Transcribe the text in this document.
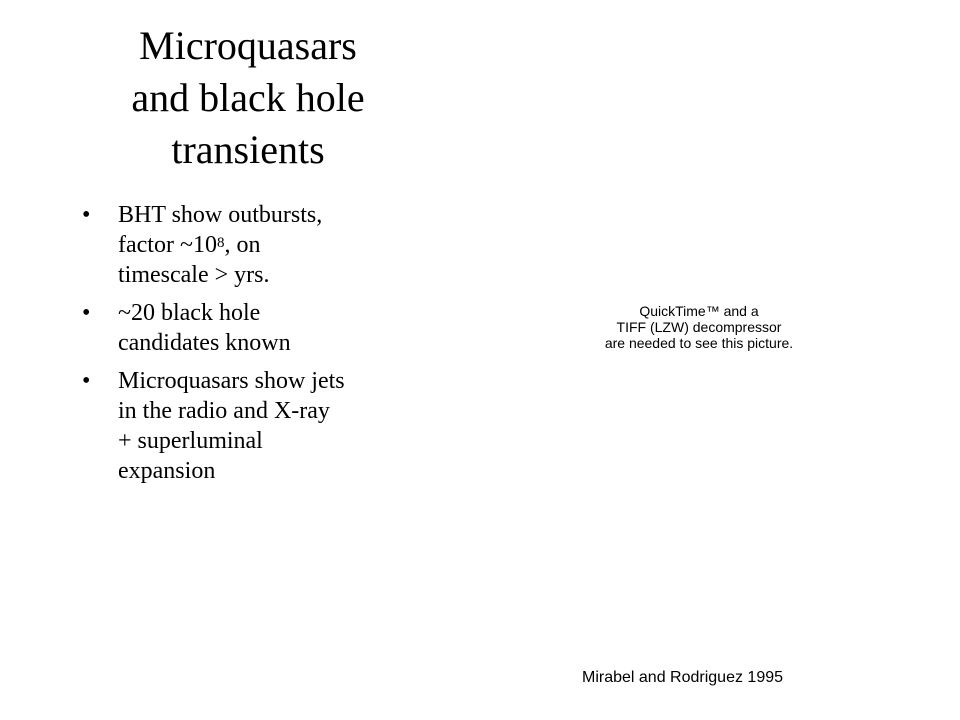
Microquasars
and black hole
transients
• BHT show outbursts,
factor $\sim 10^8$, on
timescale > yrs.
• ~20 black hole
candidates known
• Microquasars show jets
in the radio and X-ray
+ superluminal
expansion
QuickTime™ and a
TIFF (LZW) decompressor
are needed to see this picture.
Mirabel and Rodriguez 1995
